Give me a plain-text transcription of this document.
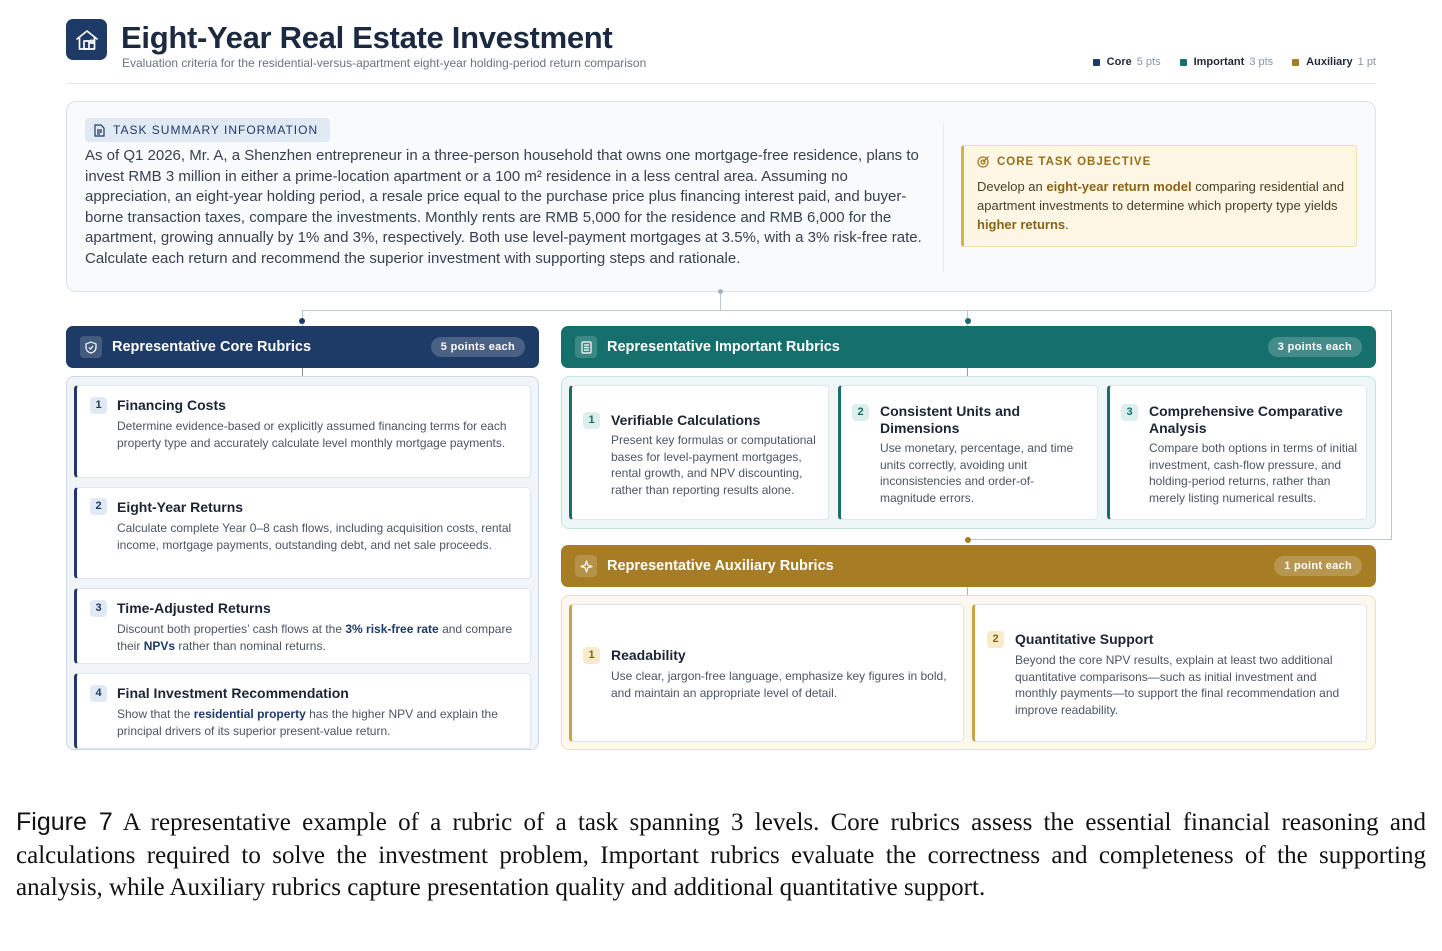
Eight-Year Real Estate Investment
Evaluation criteria for the residential-versus-apartment eight-year holding-period return comparison	Core 5 pts	Important 3 pts	Auxiliary 1 pt
TASK SUMMARY INFORMATION
As of Q1 2026, Mr. A, a Shenzhen entrepreneur in a three-person household that owns one mortgage-free residence, plans to invest RMB 3 million in either a prime-location apartment or a 100 m² residence in a less central area. Assuming no appreciation, an eight-year holding period, a resale price equal to the purchase price plus financing interest paid, and buyer-borne transaction taxes, compare the investments. Monthly rents are RMB 5,000 for the residence and RMB 6,000 for the apartment, growing annually by 1% and 3%, respectively. Both use level-payment mortgages at 3.5%, with a 3% risk-free rate. Calculate each return and recommend the superior investment with supporting steps and rationale.
CORE TASK OBJECTIVE
Develop an eight-year return model comparing residential and apartment investments to determine which property type yields higher returns.
Representative Core Rubrics	5 points each
1	Financing Costs
Determine evidence-based or explicitly assumed financing terms for each property type and accurately calculate level monthly mortgage payments.
2	Eight-Year Returns
Calculate complete Year 0–8 cash flows, including acquisition costs, rental income, mortgage payments, outstanding debt, and net sale proceeds.
3	Time-Adjusted Returns
Discount both properties’ cash flows at the 3% risk-free rate and compare their NPVs rather than nominal returns.
4	Final Investment Recommendation
Show that the residential property has the higher NPV and explain the principal drivers of its superior present-value return.
Representative Important Rubrics	3 points each
1	Verifiable Calculations
Present key formulas or computational bases for level-payment mortgages, rental growth, and NPV discounting, rather than reporting results alone.
2	Consistent Units and Dimensions
Use monetary, percentage, and time units correctly, avoiding unit inconsistencies and order-of-magnitude errors.
3	Comprehensive Comparative Analysis
Compare both options in terms of initial investment, cash-flow pressure, and holding-period returns, rather than merely listing numerical results.
Representative Auxiliary Rubrics	1 point each
1	Readability
Use clear, jargon-free language, emphasize key figures in bold, and maintain an appropriate level of detail.
2	Quantitative Support
Beyond the core NPV results, explain at least two additional quantitative comparisons—such as initial investment and monthly payments—to support the final recommendation and improve readability.
Figure 7 A representative example of a rubric of a task spanning 3 levels. Core rubrics assess the essential financial reasoning and calculations required to solve the investment problem, Important rubrics evaluate the correctness and completeness of the supporting analysis, while Auxiliary rubrics capture presentation quality and additional quantitative support.
